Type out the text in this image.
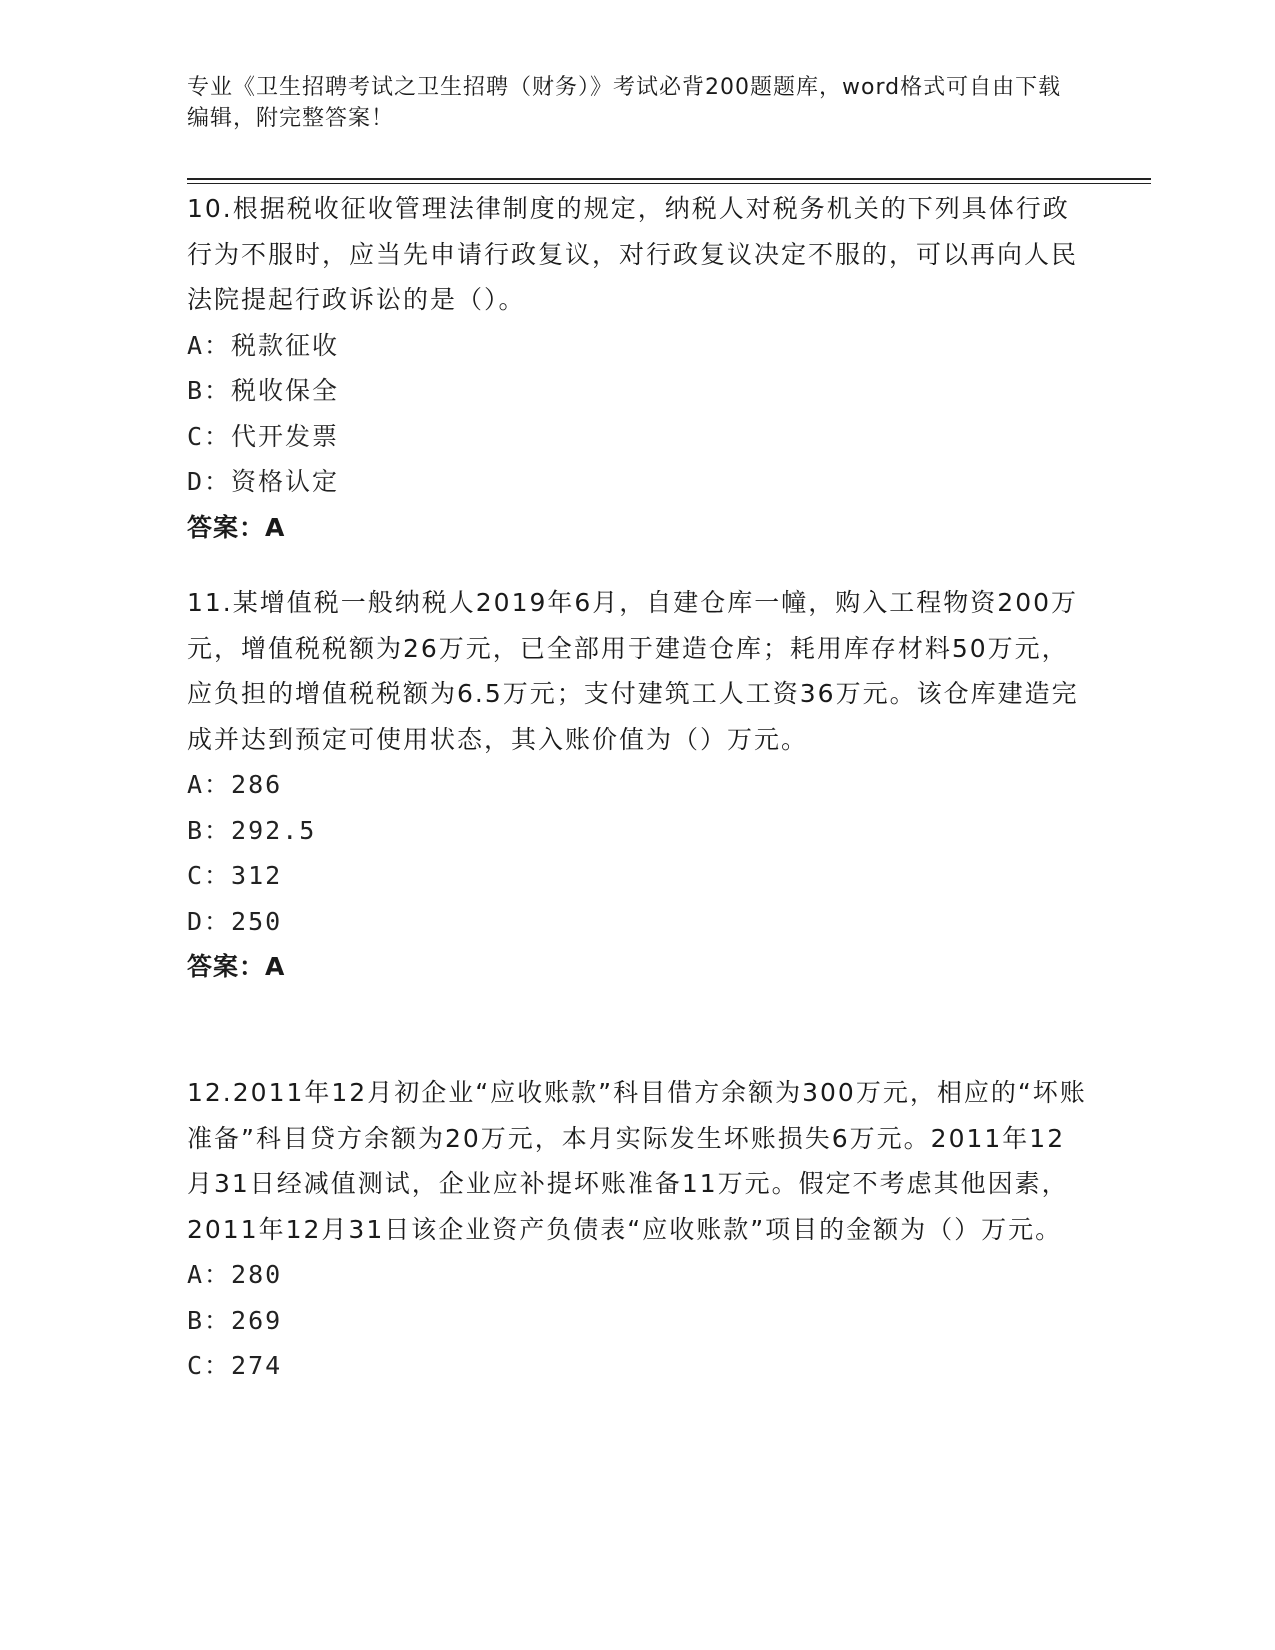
专业《卫生招聘考试之卫生招聘（财务）》考试必背200题题库，word格式可自由下载编辑，附完整答案！

10.根据税收征收管理法律制度的规定，纳税人对税务机关的下列具体行政行为不服时，应当先申请行政复议，对行政复议决定不服的，可以再向人民法院提起行政诉讼的是（）。

A：税款征收

B：税收保全

C：代开发票

D：资格认定

答案：A

11.某增值税一般纳税人2019年6月，自建仓库一幢，购入工程物资200万元，增值税税额为26万元，已全部用于建造仓库；耗用库存材料50万元，应负担的增值税税额为6.5万元；支付建筑工人工资36万元。该仓库建造完成并达到预定可使用状态，其入账价值为（）万元。

A：286

B：292.5

C：312

D：250

答案：A

12.2011年12月初企业“应收账款”科目借方余额为300万元，相应的“坏账准备”科目贷方余额为20万元，本月实际发生坏账损失6万元。2011年12月31日经减值测试，企业应补提坏账准备11万元。假定不考虑其他因素，2011年12月31日该企业资产负债表“应收账款”项目的金额为（）万元。

A：280

B：269

C：274
